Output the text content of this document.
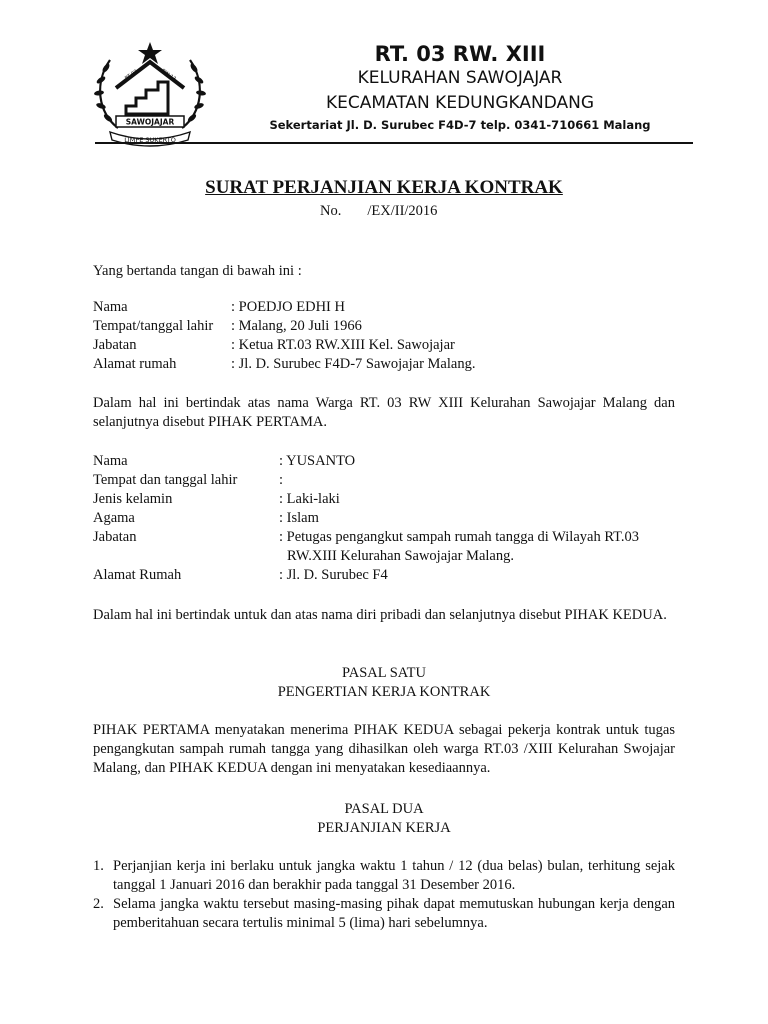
SAWOJAJAR
LIMPE SUKERTO
RT 03	RW 13
RT. 03 RW. XIII
KELURAHAN SAWOJAJAR
KECAMATAN KEDUNGKANDANG
Sekertariat Jl. D. Surubec F4D-7 telp. 0341-710661 Malang
SURAT PERJANJIAN KERJA KONTRAK
No. /EX/II/2016
Yang bertanda tangan di bawah ini :
Nama	: POEDJO EDHI H
Tempat/tanggal lahir	: Malang, 20 Juli 1966
Jabatan	: Ketua RT.03 RW.XIII Kel. Sawojajar
Alamat rumah	: Jl. D. Surubec F4D-7 Sawojajar Malang.
Dalam hal ini bertindak atas nama Warga RT. 03 RW XIII Kelurahan Sawojajar Malang dan selanjutnya disebut PIHAK PERTAMA.
Nama	: YUSANTO
Tempat dan tanggal lahir	:
Jenis kelamin	: Laki-laki
Agama	: Islam
Jabatan	: Petugas pengangkut sampah rumah tangga di Wilayah RT.03
RW.XIII Kelurahan Sawojajar Malang.

Alamat Rumah	: Jl. D. Surubec F4
Dalam hal ini bertindak untuk dan atas nama diri pribadi dan selanjutnya disebut PIHAK KEDUA.
PASAL SATU
PENGERTIAN KERJA KONTRAK
PIHAK PERTAMA menyatakan menerima PIHAK KEDUA sebagai pekerja kontrak untuk tugas pengangkutan sampah rumah tangga yang dihasilkan oleh warga RT.03 /XIII Kelurahan Swojajar Malang, dan PIHAK KEDUA dengan ini menyatakan kesediaannya.
PASAL DUA
PERJANJIAN KERJA
1. Perjanjian kerja ini berlaku untuk jangka waktu 1 tahun / 12 (dua belas) bulan, terhitung sejak tanggal 1 Januari 2016 dan berakhir pada tanggal 31 Desember 2016.
2. Selama jangka waktu tersebut masing-masing pihak dapat memutuskan hubungan kerja dengan pemberitahuan secara tertulis minimal 5 (lima) hari sebelumnya.
